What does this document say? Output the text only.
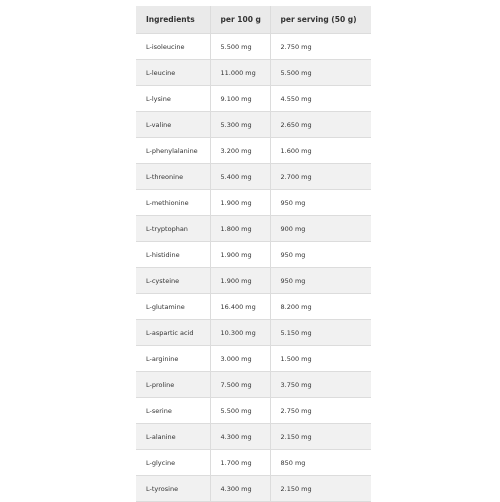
Ingredients	per 100 g	per serving (50 g)
L-isoleucine	5.500 mg	2.750 mg
L-leucine	11.000 mg	5.500 mg
L-lysine	9.100 mg	4.550 mg
L-valine	5.300 mg	2.650 mg
L-phenylalanine	3.200 mg	1.600 mg
L-threonine	5.400 mg	2.700 mg
L-methionine	1.900 mg	950 mg
L-tryptophan	1.800 mg	900 mg
L-histidine	1.900 mg	950 mg
L-cysteine	1.900 mg	950 mg
L-glutamine	16.400 mg	8.200 mg
L-aspartic acid	10.300 mg	5.150 mg
L-arginine	3.000 mg	1.500 mg
L-proline	7.500 mg	3.750 mg
L-serine	5.500 mg	2.750 mg
L-alanine	4.300 mg	2.150 mg
L-glycine	1.700 mg	850 mg
L-tyrosine	4.300 mg	2.150 mg
